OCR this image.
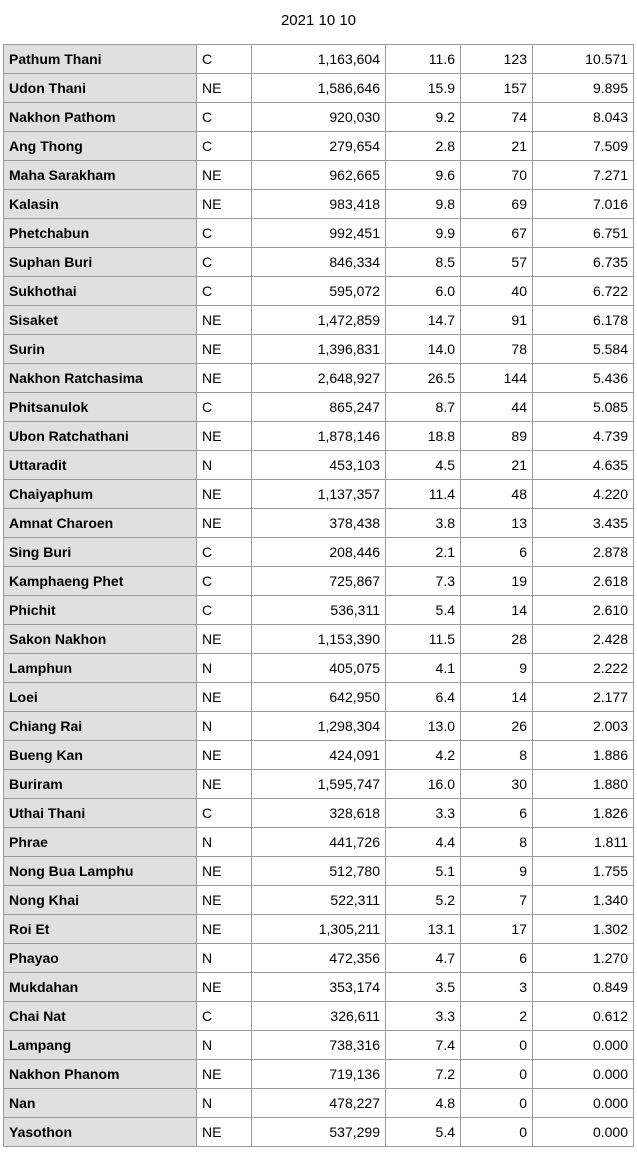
2021 10 10
Pathum Thani	C	1,163,604	11.6	123	10.571
Udon Thani	NE	1,586,646	15.9	157	9.895
Nakhon Pathom	C	920,030	9.2	74	8.043
Ang Thong	C	279,654	2.8	21	7.509
Maha Sarakham	NE	962,665	9.6	70	7.271
Kalasin	NE	983,418	9.8	69	7.016
Phetchabun	C	992,451	9.9	67	6.751
Suphan Buri	C	846,334	8.5	57	6.735
Sukhothai	C	595,072	6.0	40	6.722
Sisaket	NE	1,472,859	14.7	91	6.178
Surin	NE	1,396,831	14.0	78	5.584
Nakhon Ratchasima	NE	2,648,927	26.5	144	5.436
Phitsanulok	C	865,247	8.7	44	5.085
Ubon Ratchathani	NE	1,878,146	18.8	89	4.739
Uttaradit	N	453,103	4.5	21	4.635
Chaiyaphum	NE	1,137,357	11.4	48	4.220
Amnat Charoen	NE	378,438	3.8	13	3.435
Sing Buri	C	208,446	2.1	6	2.878
Kamphaeng Phet	C	725,867	7.3	19	2.618
Phichit	C	536,311	5.4	14	2.610
Sakon Nakhon	NE	1,153,390	11.5	28	2.428
Lamphun	N	405,075	4.1	9	2.222
Loei	NE	642,950	6.4	14	2.177
Chiang Rai	N	1,298,304	13.0	26	2.003
Bueng Kan	NE	424,091	4.2	8	1.886
Buriram	NE	1,595,747	16.0	30	1.880
Uthai Thani	C	328,618	3.3	6	1.826
Phrae	N	441,726	4.4	8	1.811
Nong Bua Lamphu	NE	512,780	5.1	9	1.755
Nong Khai	NE	522,311	5.2	7	1.340
Roi Et	NE	1,305,211	13.1	17	1.302
Phayao	N	472,356	4.7	6	1.270
Mukdahan	NE	353,174	3.5	3	0.849
Chai Nat	C	326,611	3.3	2	0.612
Lampang	N	738,316	7.4	0	0.000
Nakhon Phanom	NE	719,136	7.2	0	0.000
Nan	N	478,227	4.8	0	0.000
Yasothon	NE	537,299	5.4	0	0.000
